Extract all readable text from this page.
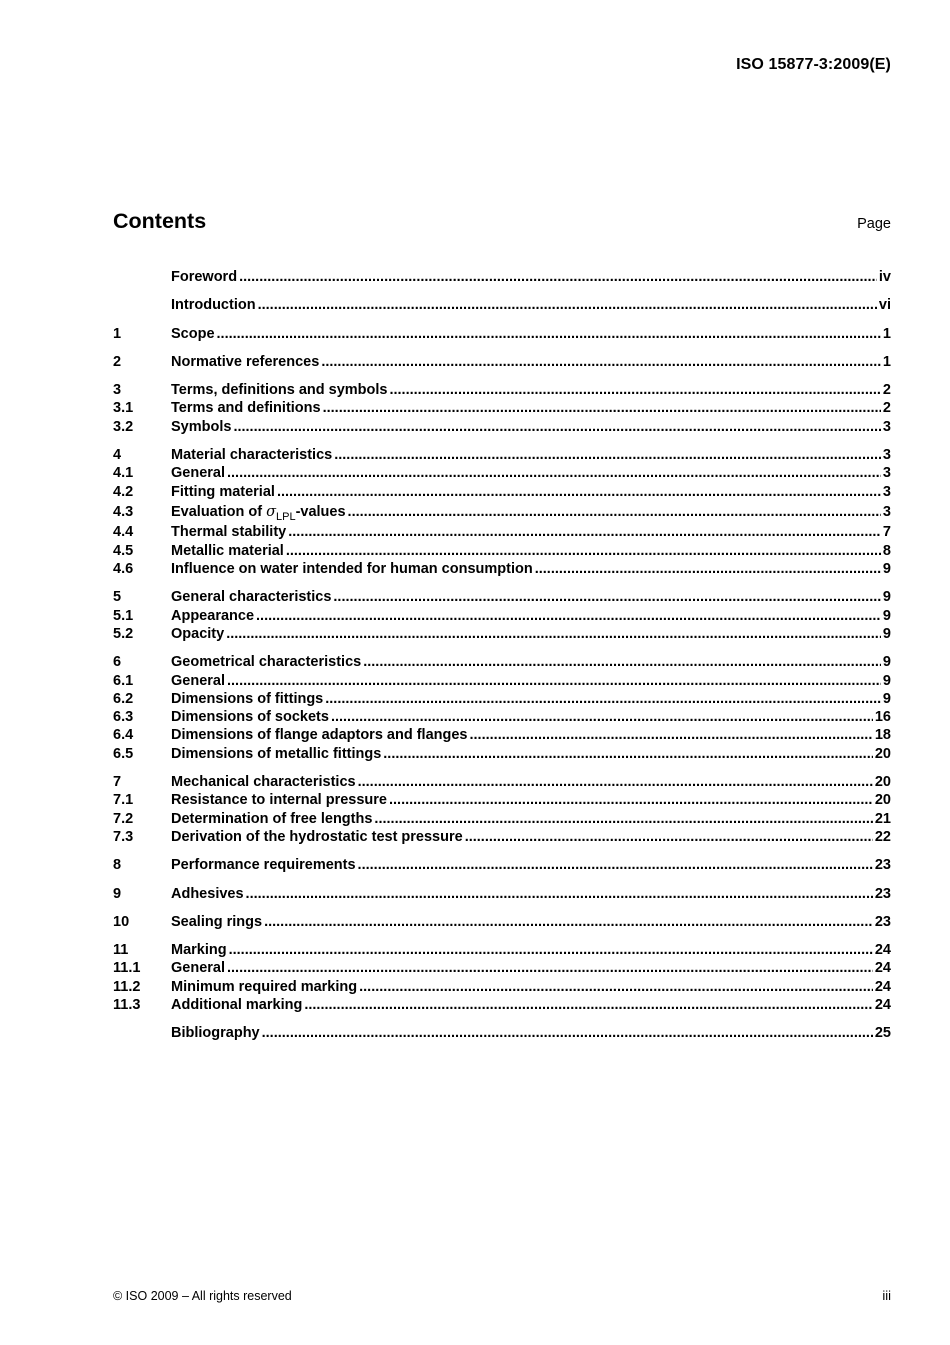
ISO 15877-3:2009(E)
Contents	Page
Foreword .....	iv
Introduction .....	vi
1	Scope .....	1
2	Normative references .....	1
3	Terms, definitions and symbols .....	2
3.1	Terms and definitions .....	2
3.2	Symbols .....	3
4	Material characteristics .....	3
4.1	General .....	3
4.2	Fitting material .....	3
4.3	Evaluation of $\sigma_{LPL}$-values .....	3
4.4	Thermal stability .....	7
4.5	Metallic material .....	8
4.6	Influence on water intended for human consumption .....	9
5	General characteristics .....	9
5.1	Appearance .....	9
5.2	Opacity .....	9
6	Geometrical characteristics .....	9
6.1	General .....	9
6.2	Dimensions of fittings .....	9
6.3	Dimensions of sockets .....	16
6.4	Dimensions of flange adaptors and flanges .....	18
6.5	Dimensions of metallic fittings .....	20
7	Mechanical characteristics .....	20
7.1	Resistance to internal pressure .....	20
7.2	Determination of free lengths .....	21
7.3	Derivation of the hydrostatic test pressure .....	22
8	Performance requirements .....	23
9	Adhesives .....	23
10	Sealing rings .....	23
11	Marking .....	24
11.1	General .....	24
11.2	Minimum required marking .....	24
11.3	Additional marking .....	24
Bibliography .....	25
© ISO 2009 – All rights reserved	iii
